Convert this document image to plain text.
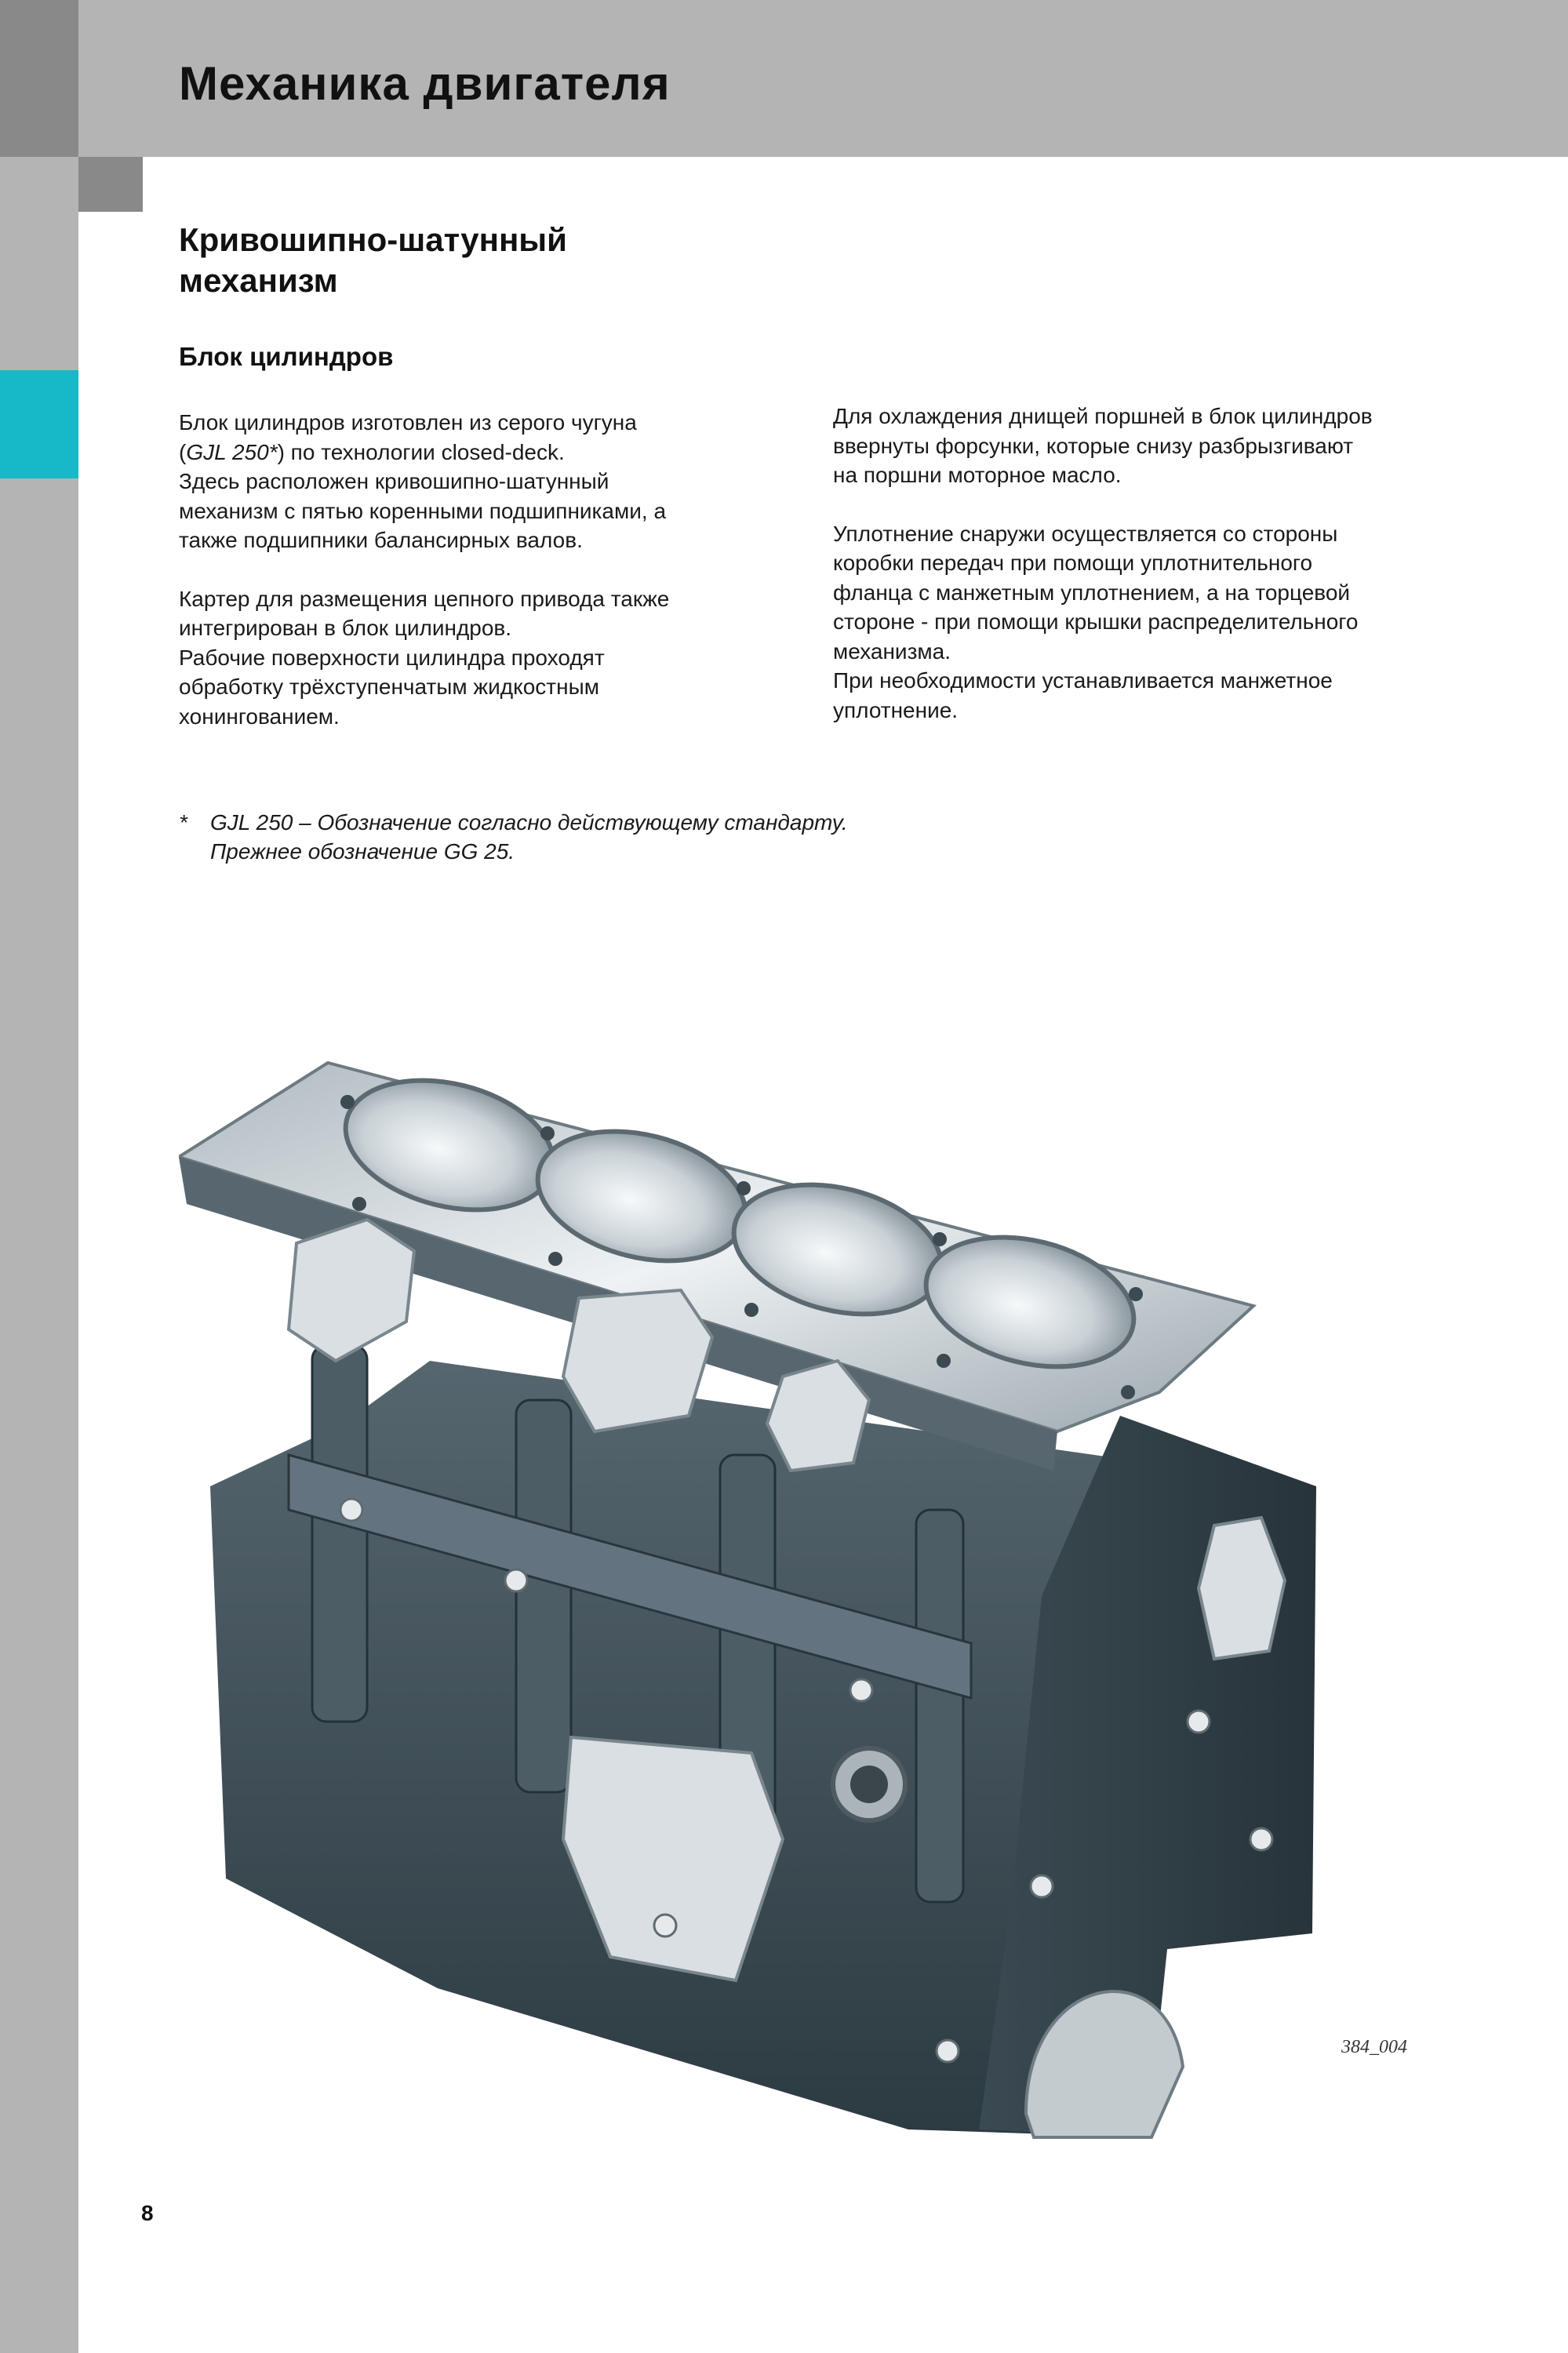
Механика двигателя
Кривошипно-шатунный механизм
Блок цилиндров

Блок цилиндров изготовлен из серого чугуна
(GJL 250*) по технологии closed-deck.
Здесь расположен кривошипно-шатунный
механизм с пятью коренными подшипниками, а
также подшипники балансирных валов.

Картер для размещения цепного привода также
интегрирован в блок цилиндров.
Рабочие поверхности цилиндра проходят
обработку трёхступенчатым жидкостным
хонингованием.

Для охлаждения днищей поршней в блок цилиндров
ввернуты форсунки, которые снизу разбрызгивают
на поршни моторное масло.

Уплотнение снаружи осуществляется со стороны
коробки передач при помощи уплотнительного
фланца с манжетным уплотнением, а на торцевой
стороне - при помощи крышки распределительного
механизма.
При необходимости устанавливается манжетное
уплотнение.

* GJL 250 – Обозначение согласно действующему стандарту.
Прежнее обозначение GG 25.
384_004
8
